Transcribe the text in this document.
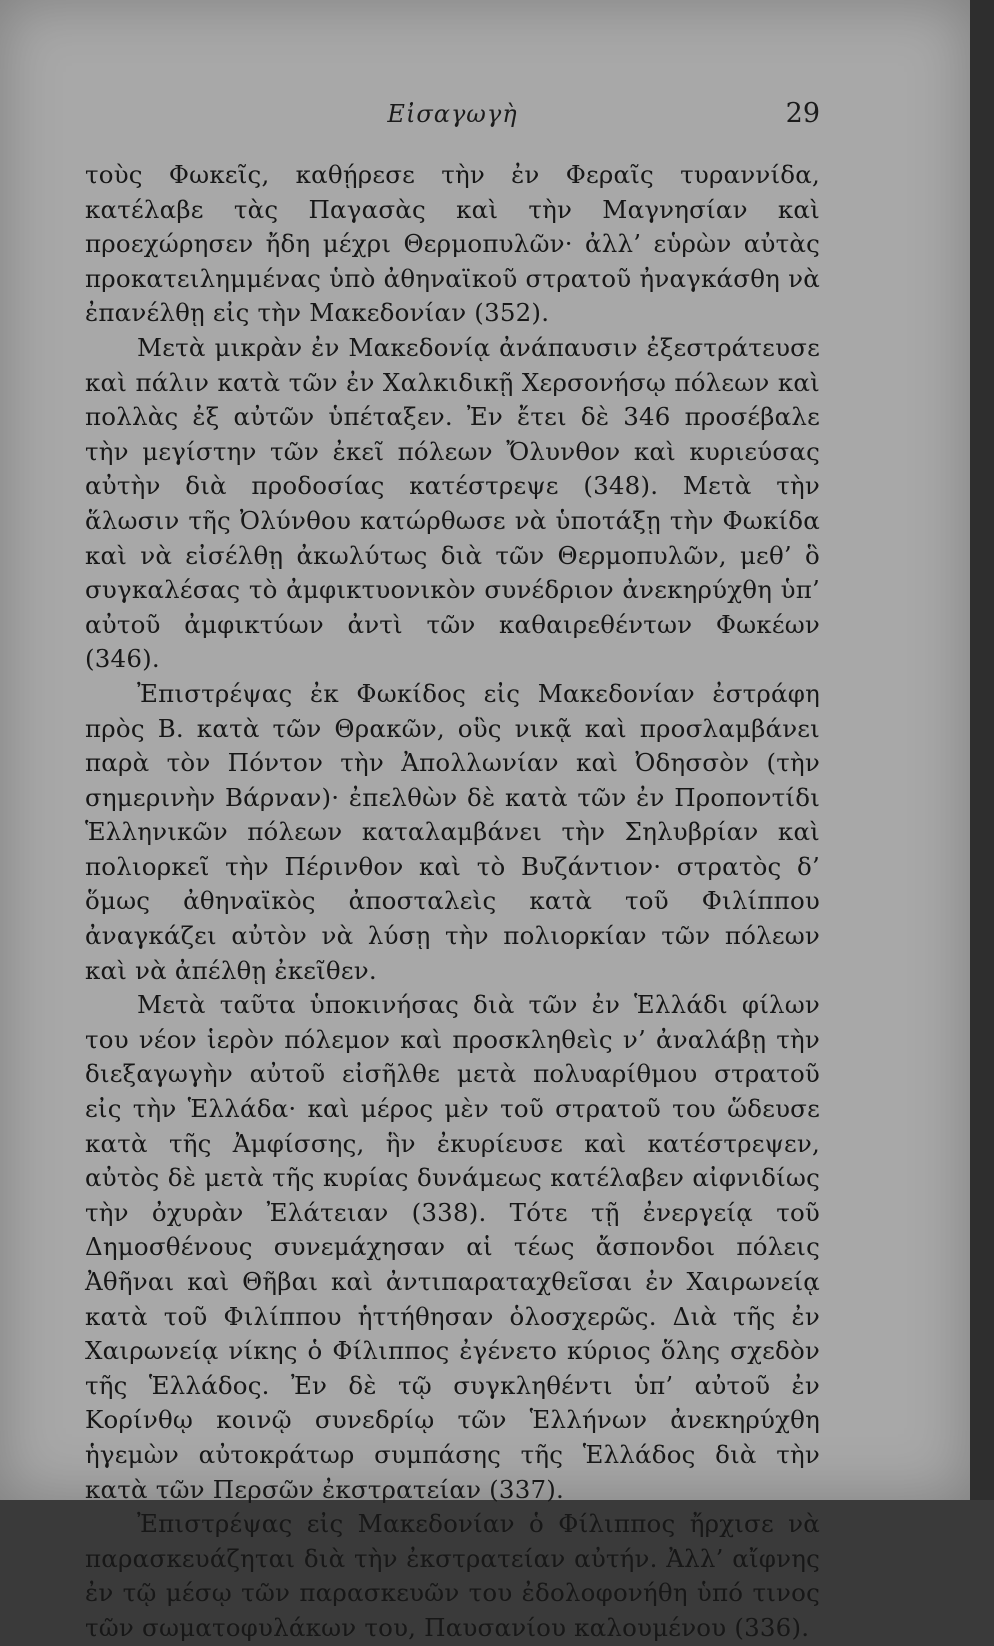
Εἰσαγωγὴ	29

τοὺς Φωκεῖς, καθῄρεσε τὴν ἐν Φεραῖς τυραννίδα, κατέλαβε τὰς Παγασὰς καὶ τὴν Μαγνησίαν καὶ προεχώρησεν ἤδη μέχρι Θερμοπυλῶν· ἀλλ’ εὑρὼν αὐτὰς προκατειλημμένας ὑπὸ ἀθηναϊκοῦ στρατοῦ ἠναγκάσθη νὰ ἐπανέλθῃ εἰς τὴν Μακεδονίαν (352).

Μετὰ μικρὰν ἐν Μακεδονίᾳ ἀνάπαυσιν ἐξεστράτευσε καὶ πάλιν κατὰ τῶν ἐν Χαλκιδικῇ Χερσονήσῳ πόλεων καὶ πολλὰς ἐξ αὐτῶν ὑπέταξεν. Ἐν ἔτει δὲ 346 προσέβαλε τὴν μεγίστην τῶν ἐκεῖ πόλεων Ὄλυνθον καὶ κυριεύσας αὐτὴν διὰ προδοσίας κατέστρεψε (348). Μετὰ τὴν ἅλωσιν τῆς Ὀλύνθου κατώρθωσε νὰ ὑποτάξῃ τὴν Φωκίδα καὶ νὰ εἰσέλθῃ ἀκωλύτως διὰ τῶν Θερμοπυλῶν, μεθ’ ὃ συγκαλέσας τὸ ἀμφικτυονικὸν συνέδριον ἀνεκηρύχθη ὑπ’ αὐτοῦ ἀμφικτύων ἀντὶ τῶν καθαιρεθέντων Φωκέων (346).

Ἐπιστρέψας ἐκ Φωκίδος εἰς Μακεδονίαν ἐστράφη πρὸς Β. κατὰ τῶν Θρακῶν, οὓς νικᾷ καὶ προσλαμβάνει παρὰ τὸν Πόντον τὴν Ἀπολλωνίαν καὶ Ὀδησσὸν (τὴν σημερινὴν Βάρναν)· ἐπελθὼν δὲ κατὰ τῶν ἐν Προποντίδι Ἑλληνικῶν πόλεων καταλαμβάνει τὴν Σηλυβρίαν καὶ πολιορκεῖ τὴν Πέρινθον καὶ τὸ Βυζάντιον· στρατὸς δ’ ὅμως ἀθηναϊκὸς ἀποσταλεὶς κατὰ τοῦ Φιλίππου ἀναγκάζει αὐτὸν νὰ λύσῃ τὴν πολιορκίαν τῶν πόλεων καὶ νὰ ἀπέλθῃ ἐκεῖθεν.

Μετὰ ταῦτα ὑποκινήσας διὰ τῶν ἐν Ἑλλάδι φίλων του νέον ἱερὸν πόλεμον καὶ προσκληθεὶς ν’ ἀναλάβῃ τὴν διεξαγωγὴν αὐτοῦ εἰσῆλθε μετὰ πολυαρίθμου στρατοῦ εἰς τὴν Ἑλλάδα· καὶ μέρος μὲν τοῦ στρατοῦ του ὥδευσε κατὰ τῆς Ἀμφίσσης, ἣν ἐκυρίευσε καὶ κατέστρεψεν, αὐτὸς δὲ μετὰ τῆς κυρίας δυνάμεως κατέλαβεν αἰφνιδίως τὴν ὀχυρὰν Ἐλάτειαν (338). Τότε τῇ ἐνεργείᾳ τοῦ Δημοσθένους συνεμάχησαν αἱ τέως ἄσπονδοι πόλεις Ἀθῆναι καὶ Θῆβαι καὶ ἀντιπαραταχθεῖσαι ἐν Χαιρωνείᾳ κατὰ τοῦ Φιλίππου ἡττήθησαν ὁλοσχερῶς. Διὰ τῆς ἐν Χαιρωνείᾳ νίκης ὁ Φίλιππος ἐγένετο κύριος ὅλης σχεδὸν τῆς Ἑλλάδος. Ἐν δὲ τῷ συγκληθέντι ὑπ’ αὐτοῦ ἐν Κορίνθῳ κοινῷ συνεδρίῳ τῶν Ἑλλήνων ἀνεκηρύχθη ἡγεμὼν αὐτοκράτωρ συμπάσης τῆς Ἑλλάδος διὰ τὴν κατὰ τῶν Περσῶν ἐκστρατείαν (337).

Ἐπιστρέψας εἰς Μακεδονίαν ὁ Φίλιππος ἤρχισε νὰ παρασκευάζηται διὰ τὴν ἐκστρατείαν αὐτήν. Ἀλλ’ αἴφνης ἐν τῷ μέσῳ τῶν παρασκευῶν του ἐδολοφονήθη ὑπό τινος τῶν σωματοφυλάκων του, Παυσανίου καλουμένου (336).
